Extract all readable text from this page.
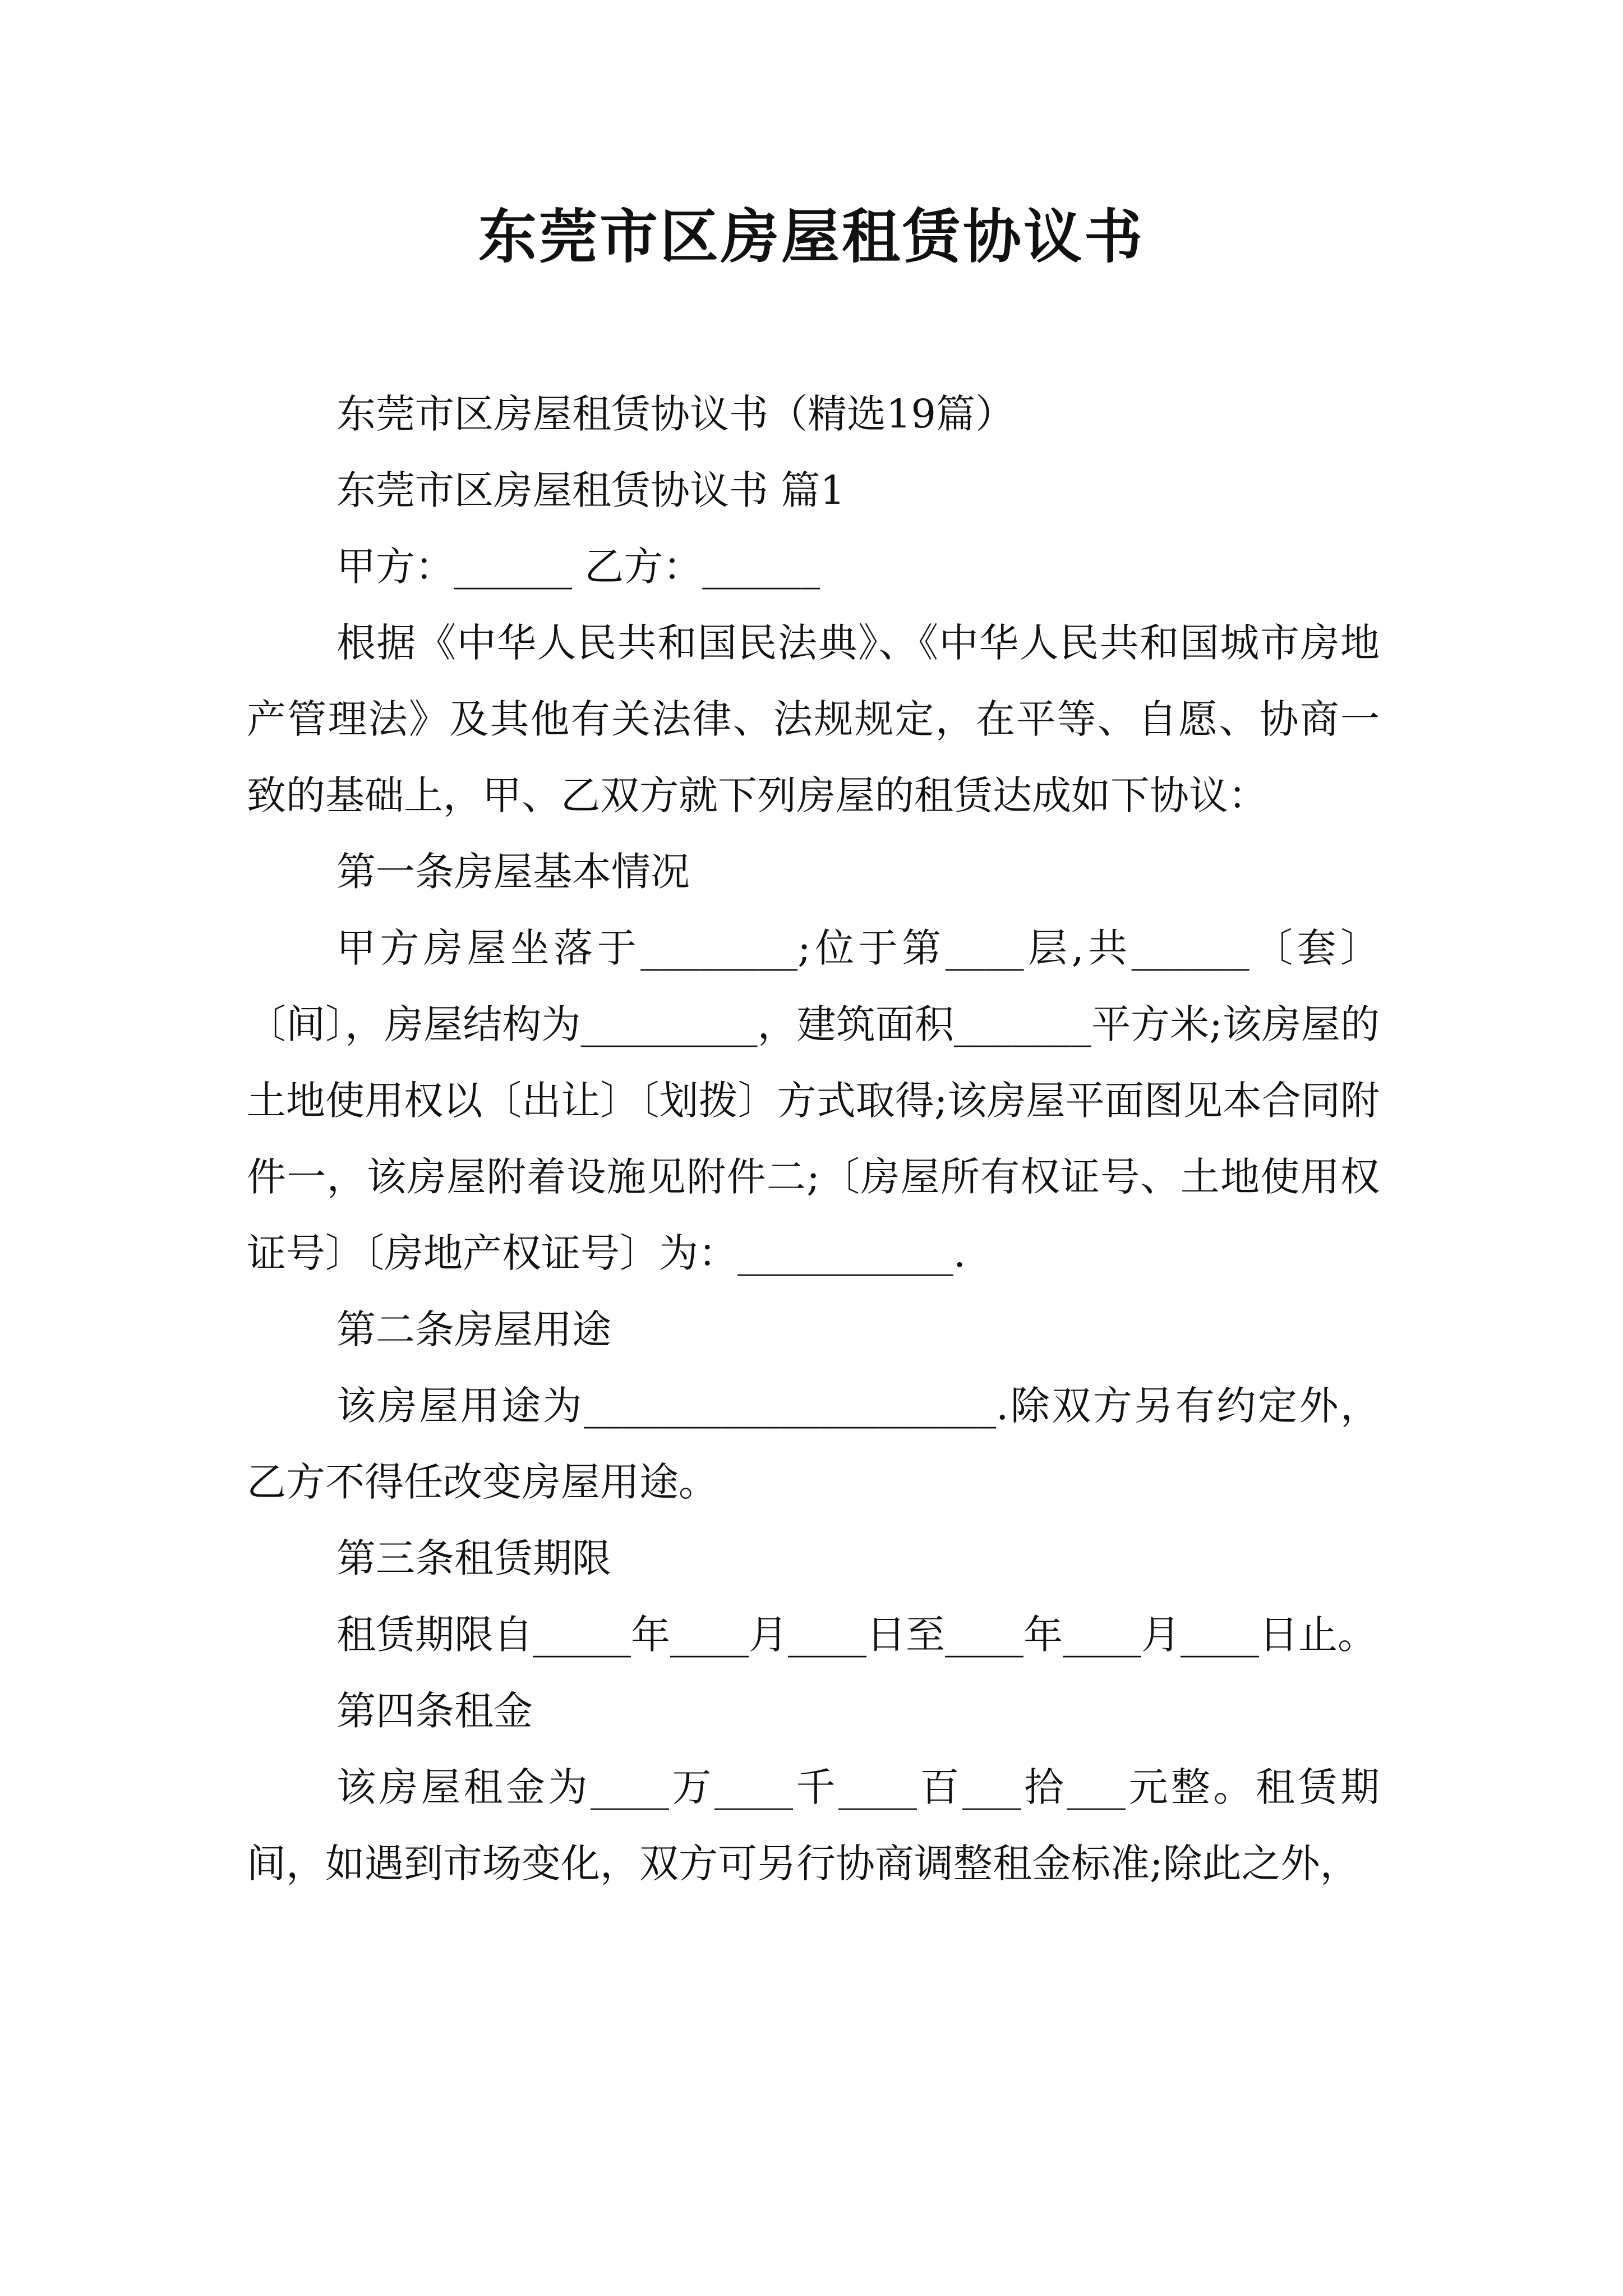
东莞市区房屋租赁协议书

东莞市区房屋租赁协议书（精选19篇）

东莞市区房屋租赁协议书 篇1

甲方：______ 乙方：______

根据《中华人民共和国民法典》、《中华人民共和国城市房地产管理法》及其他有关法律、法规规定，在平等、自愿、协商一致的基础上，甲、乙双方就下列房屋的租赁达成如下协议：

第一条房屋基本情况

甲方房屋坐落于________;位于第____层,共______〔套〕〔间〕，房屋结构为_________，建筑面积_______平方米;该房屋的土地使用权以〔出让〕〔划拨〕方式取得;该房屋平面图见本合同附件一，该房屋附着设施见附件二;〔房屋所有权证号、土地使用权证号〕〔房地产权证号〕为：___________.

第二条房屋用途

该房屋用途为_____________________.除双方另有约定外，乙方不得任改变房屋用途。

第三条租赁期限

租赁期限自_____年____月____日至____年____月____日止。

第四条租金

该房屋租金为____万____千____百___拾___元整。租赁期间，如遇到市场变化，双方可另行协商调整租金标准;除此之外，
